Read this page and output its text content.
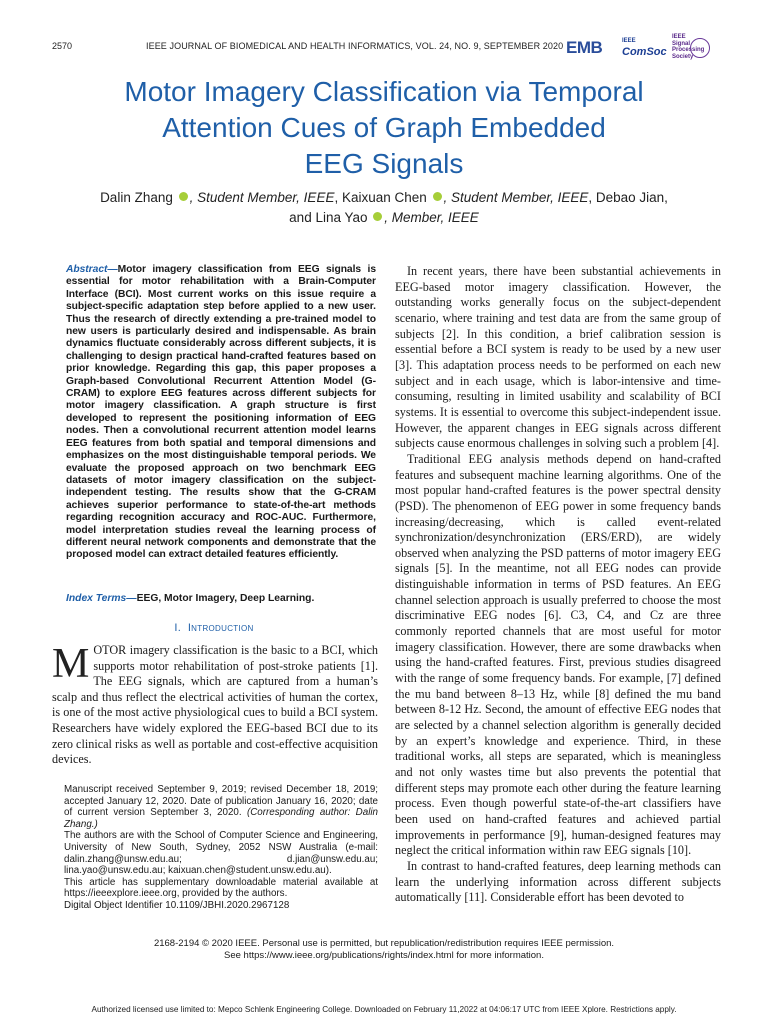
2570	IEEE JOURNAL OF BIOMEDICAL AND HEALTH INFORMATICS, VOL. 24, NO. 9, SEPTEMBER 2020 EMB	IEEE
ComSoc
IEEE
Signal
Processing
Society
Motor Imagery Classification via Temporal
Attention Cues of Graph Embedded
EEG Signals
Dalin Zhang , Student Member, IEEE, Kaixuan Chen , Student Member, IEEE, Debao Jian,
and Lina Yao , Member, IEEE
Abstract—Motor imagery classification from EEG signals is essential for motor rehabilitation with a Brain-Computer Interface (BCI). Most current works on this issue require a subject-specific adaptation step before applied to a new user. Thus the research of directly extending a pre-trained model to new users is particularly desired and indispensable. As brain dynamics fluctuate considerably across different subjects, it is challenging to design practical hand-crafted features based on prior knowledge. Regarding this gap, this paper proposes a Graph-based Convolutional Recurrent Attention Model (G-CRAM) to explore EEG features across different subjects for motor imagery classification. A graph structure is first developed to represent the positioning information of EEG nodes. Then a convolutional recurrent attention model learns EEG features from both spatial and temporal dimensions and emphasizes on the most distinguishable temporal periods. We evaluate the proposed approach on two benchmark EEG datasets of motor imagery classification on the subject-independent testing. The results show that the G-CRAM achieves superior performance to state-of-the-art methods regarding recognition accuracy and ROC-AUC. Furthermore, model interpretation studies reveal the learning process of different neural network components and demonstrate that the proposed model can extract detailed features efficiently.
Index Terms—EEG, Motor Imagery, Deep Learning.
I. Introduction
MOTOR imagery classification is the basic to a BCI, which supports motor rehabilitation of post-stroke patients [1]. The EEG signals, which are captured from a human’s scalp and thus reflect the electrical activities of human the cortex, is one of the most active physiological cues to build a BCI system. Researchers have widely explored the EEG-based BCI due to its zero clinical risks as well as portable and cost-effective acquisition devices.

Manuscript received September 9, 2019; revised December 18, 2019; accepted January 12, 2020. Date of publication January 16, 2020; date of current version September 3, 2020. (Corresponding author: Dalin Zhang.)

The authors are with the School of Computer Science and Engineering, University of New South, Sydney, 2052 NSW Australia (e-mail: dalin.zhang@unsw.edu.au; d.jian@unsw.edu.au; lina.yao@unsw.edu.au; kaixuan.chen@student.unsw.edu.au).

This article has supplementary downloadable material available at https://ieeexplore.ieee.org, provided by the authors.

Digital Object Identifier 10.1109/JBHI.2020.2967128

In recent years, there have been substantial achievements in EEG-based motor imagery classification. However, the outstanding works generally focus on the subject-dependent scenario, where training and test data are from the same group of subjects [2]. In this condition, a brief calibration session is essential before a BCI system is ready to be used by a new user [3]. This adaptation process needs to be performed on each new subject and in each usage, which is labor-intensive and time-consuming, resulting in limited usability and scalability of BCI systems. It is essential to overcome this subject-independent issue. However, the apparent changes in EEG signals across different subjects cause enormous challenges in solving such a problem [4].

Traditional EEG analysis methods depend on hand-crafted features and subsequent machine learning algorithms. One of the most popular hand-crafted features is the power spectral density (PSD). The phenomenon of EEG power in some frequency bands increasing/decreasing, which is called event-related synchronization/desynchronization (ERS/ERD), are widely observed when analyzing the PSD patterns of motor imagery EEG signals [5]. In the meantime, not all EEG nodes can provide distinguishable information in terms of PSD features. An EEG channel selection approach is usually preferred to choose the most discriminative EEG nodes [6]. C3, C4, and Cz are three commonly reported channels that are most useful for motor imagery classification. However, there are some drawbacks when using the hand-crafted features. First, previous studies disagreed with the range of some frequency bands. For example, [7] defined the mu band between 8–13 Hz, while [8] defined the mu band between 8-12 Hz. Second, the amount of effective EEG nodes that are selected by a channel selection algorithm is generally decided by an expert’s knowledge and experience. Third, in these traditional works, all steps are separated, which is meaningless and not only wastes time but also prevents the potential that different steps may promote each other during the feature learning process. Even though powerful state-of-the-art classifiers have been used on hand-crafted features and achieved partial improvements in performance [9], human-designed features may neglect the critical information within raw EEG signals [10].

In contrast to hand-crafted features, deep learning methods can learn the underlying information across different subjects automatically [11]. Considerable effort has been devoted to

2168-2194 © 2020 IEEE. Personal use is permitted, but republication/redistribution requires IEEE permission.
See https://www.ieee.org/publications/rights/index.html for more information.
Authorized licensed use limited to: Mepco Schlenk Engineering College. Downloaded on February 11,2022 at 04:06:17 UTC from IEEE Xplore. Restrictions apply.
